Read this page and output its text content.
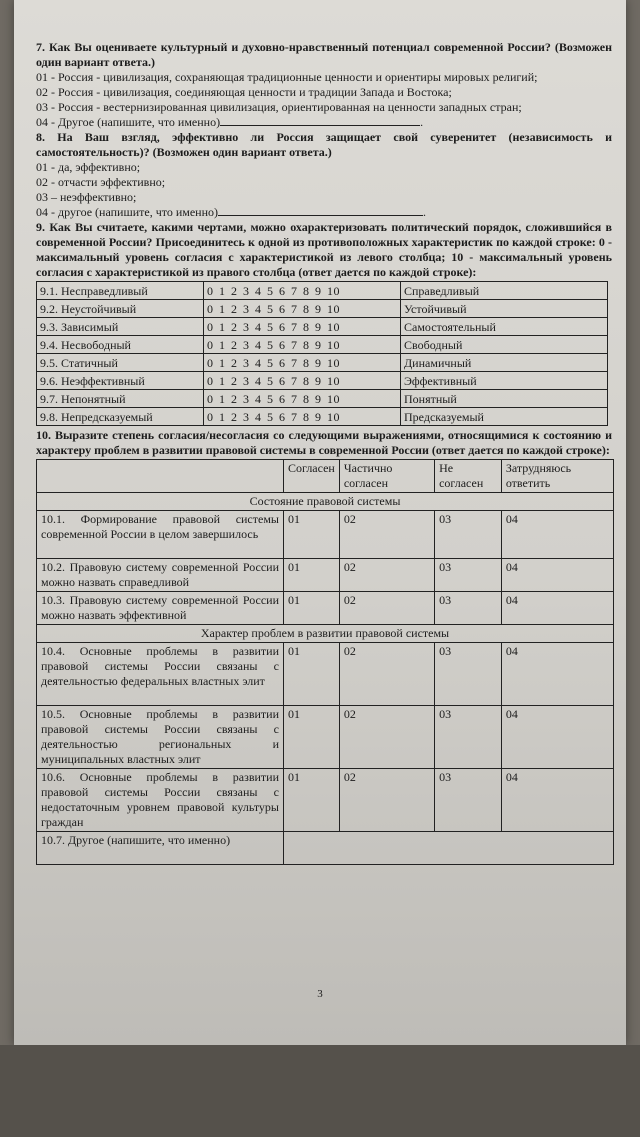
7. Как Вы оцениваете культурный и духовно-нравственный потенциал современной России? (Возможен один вариант ответа.)
01 - Россия - цивилизация, сохраняющая традиционные ценности и ориентиры мировых религий;
02 - Россия - цивилизация, соединяющая ценности и традиции Запада и Востока;
03 - Россия - вестернизированная цивилизация, ориентированная на ценности западных стран;
04 - Другое (напишите, что именно)	.
8. На Ваш взгляд, эффективно ли Россия защищает свой суверенитет (независимость и самостоятельность)? (Возможен один вариант ответа.)
01 - да, эффективно;
02 - отчасти эффективно;
03 – неэффективно;
04 - другое (напишите, что именно)	.
9. Как Вы считаете, какими чертами, можно охарактеризовать политический порядок, сложившийся в современной России? Присоединитесь к одной из противоположных характеристик по каждой строке: 0 - максимальный уровень согласия с характеристикой из левого столбца; 10 - максимальный уровень согласия с характеристикой из правого столбца (ответ дается по каждой строке):
9.1. Несправедливый	0 1 2 3 4 5 6 7 8 9 10	Справедливый
9.2. Неустойчивый	0 1 2 3 4 5 6 7 8 9 10	Устойчивый
9.3. Зависимый	0 1 2 3 4 5 6 7 8 9 10	Самостоятельный
9.4. Несвободный	0 1 2 3 4 5 6 7 8 9 10	Свободный
9.5. Статичный	0 1 2 3 4 5 6 7 8 9 10	Динамичный
9.6. Неэффективный	0 1 2 3 4 5 6 7 8 9 10	Эффективный
9.7. Непонятный	0 1 2 3 4 5 6 7 8 9 10	Понятный
9.8. Непредсказуемый	0 1 2 3 4 5 6 7 8 9 10	Предсказуемый
10. Выразите степень согласия/несогласия со следующими выражениями, относящимися к состоянию и характеру проблем в развитии правовой системы в современной России (ответ дается по каждой строке):
	Согласен	Частично согласен	Не согласен	Затрудняюсь ответить
Состояние правовой системы				
10.1. Формирование правовой системы современной России в целом завершилось	01	02	03	04
10.2. Правовую систему современной России можно назвать справедливой	01	02	03	04
10.3. Правовую систему современной России можно назвать эффективной	01	02	03	04
Характер проблем в развитии правовой системы				
10.4. Основные проблемы в развитии правовой системы России связаны с деятельностью федеральных властных элит	01	02	03	04
10.5. Основные проблемы в развитии правовой системы России связаны с деятельностью региональных и муниципальных властных элит	01	02	03	04
10.6. Основные проблемы в развитии правовой системы России связаны с недостаточным уровнем правовой культуры граждан	01	02	03	04
10.7. Другое (напишите, что именно)				
3
